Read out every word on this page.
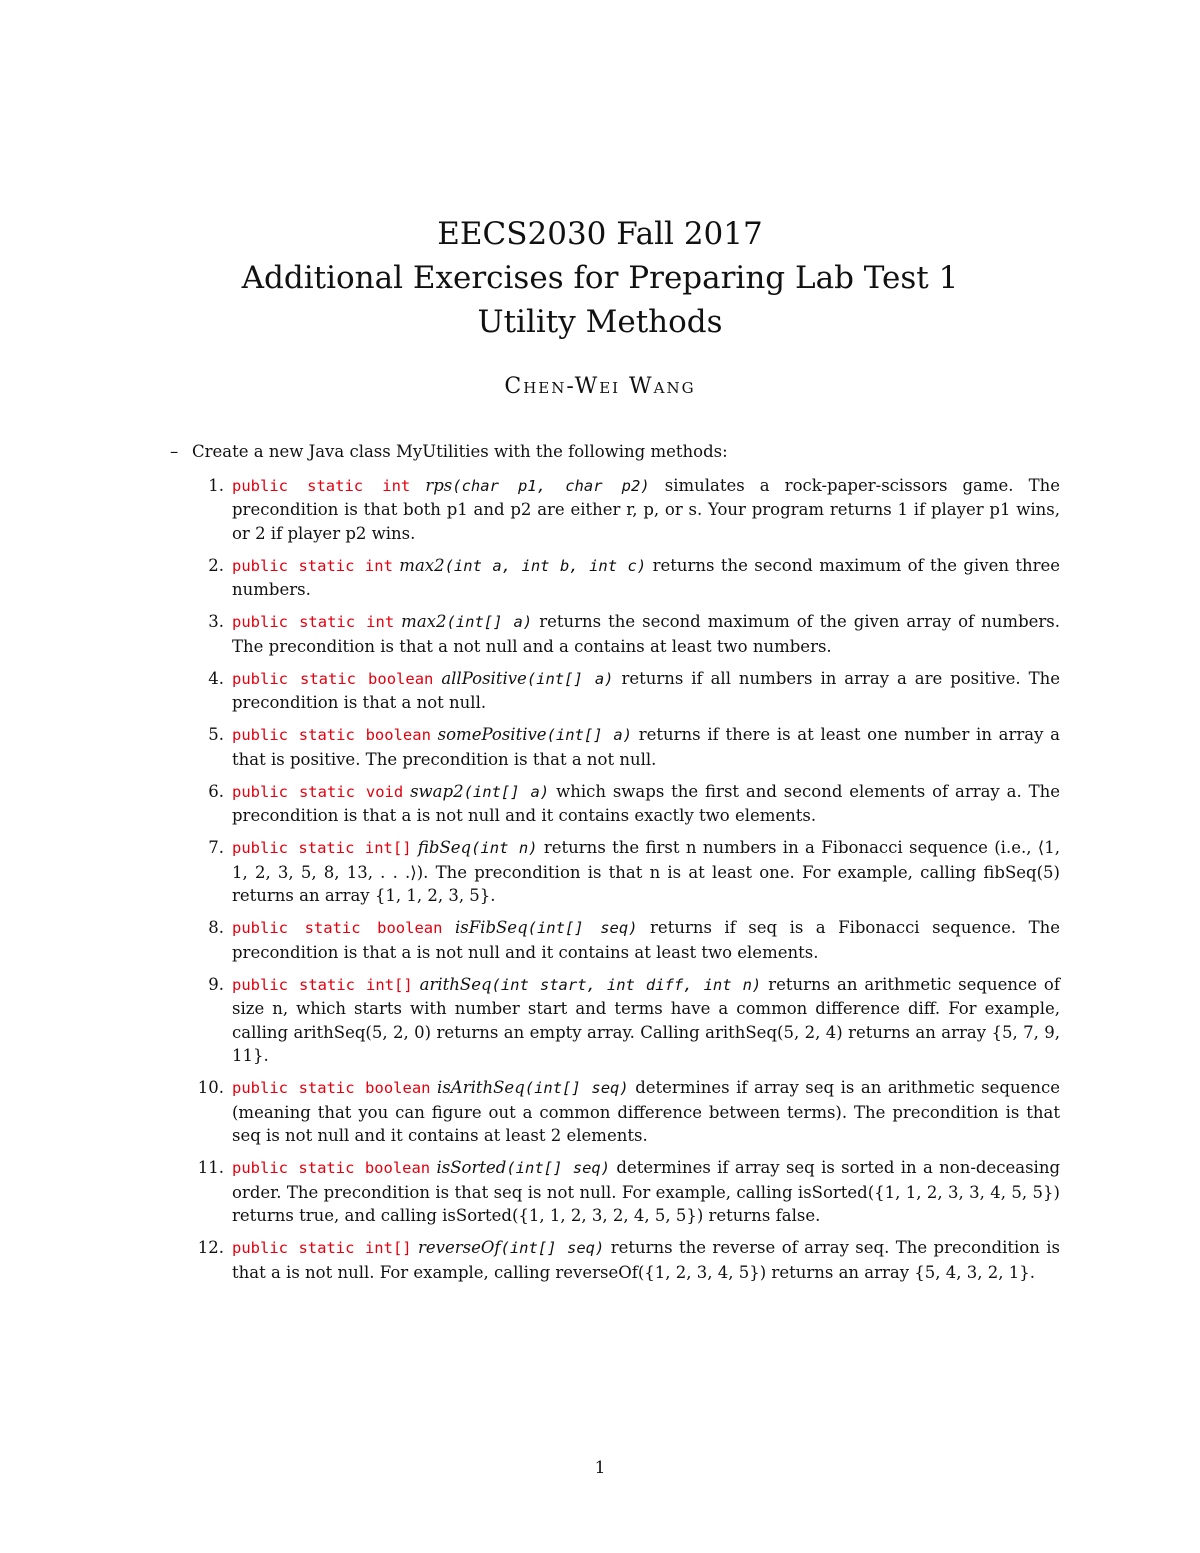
EECS2030 Fall 2017
Additional Exercises for Preparing Lab Test 1
Utility Methods
Chen-Wei Wang
– Create a new Java class MyUtilities with the following methods:
1. public static int rps(char p1, char p2) simulates a rock-paper-scissors game. The precondition is that both p1 and p2 are either r, p, or s. Your program returns 1 if player p1 wins, or 2 if player p2 wins.
2. public static int max2(int a, int b, int c) returns the second maximum of the given three numbers.
3. public static int max2(int[] a) returns the second maximum of the given array of numbers. The precondition is that a not null and a contains at least two numbers.
4. public static boolean allPositive(int[] a) returns if all numbers in array a are positive. The precondition is that a not null.
5. public static boolean somePositive(int[] a) returns if there is at least one number in array a that is positive. The precondition is that a not null.
6. public static void swap2(int[] a) which swaps the first and second elements of array a. The precondition is that a is not null and it contains exactly two elements.
7. public static int[] fibSeq(int n) returns the first n numbers in a Fibonacci sequence (i.e., ⟨1, 1, 2, 3, 5, 8, 13, . . .⟩). The precondition is that n is at least one. For example, calling fibSeq(5) returns an array {1, 1, 2, 3, 5}.
8. public static boolean isFibSeq(int[] seq) returns if seq is a Fibonacci sequence. The precondition is that a is not null and it contains at least two elements.
9. public static int[] arithSeq(int start, int diff, int n) returns an arithmetic sequence of size n, which starts with number start and terms have a common difference diff. For example, calling arithSeq(5, 2, 0) returns an empty array. Calling arithSeq(5, 2, 4) returns an array {5, 7, 9, 11}.
10. public static boolean isArithSeq(int[] seq) determines if array seq is an arithmetic sequence (meaning that you can figure out a common difference between terms). The precondition is that seq is not null and it contains at least 2 elements.
11. public static boolean isSorted(int[] seq) determines if array seq is sorted in a non-deceasing order. The precondition is that seq is not null. For example, calling isSorted({1, 1, 2, 3, 3, 4, 5, 5}) returns true, and calling isSorted({1, 1, 2, 3, 2, 4, 5, 5}) returns false.
12. public static int[] reverseOf(int[] seq) returns the reverse of array seq. The precondition is that a is not null. For example, calling reverseOf({1, 2, 3, 4, 5}) returns an array {5, 4, 3, 2, 1}.
1
